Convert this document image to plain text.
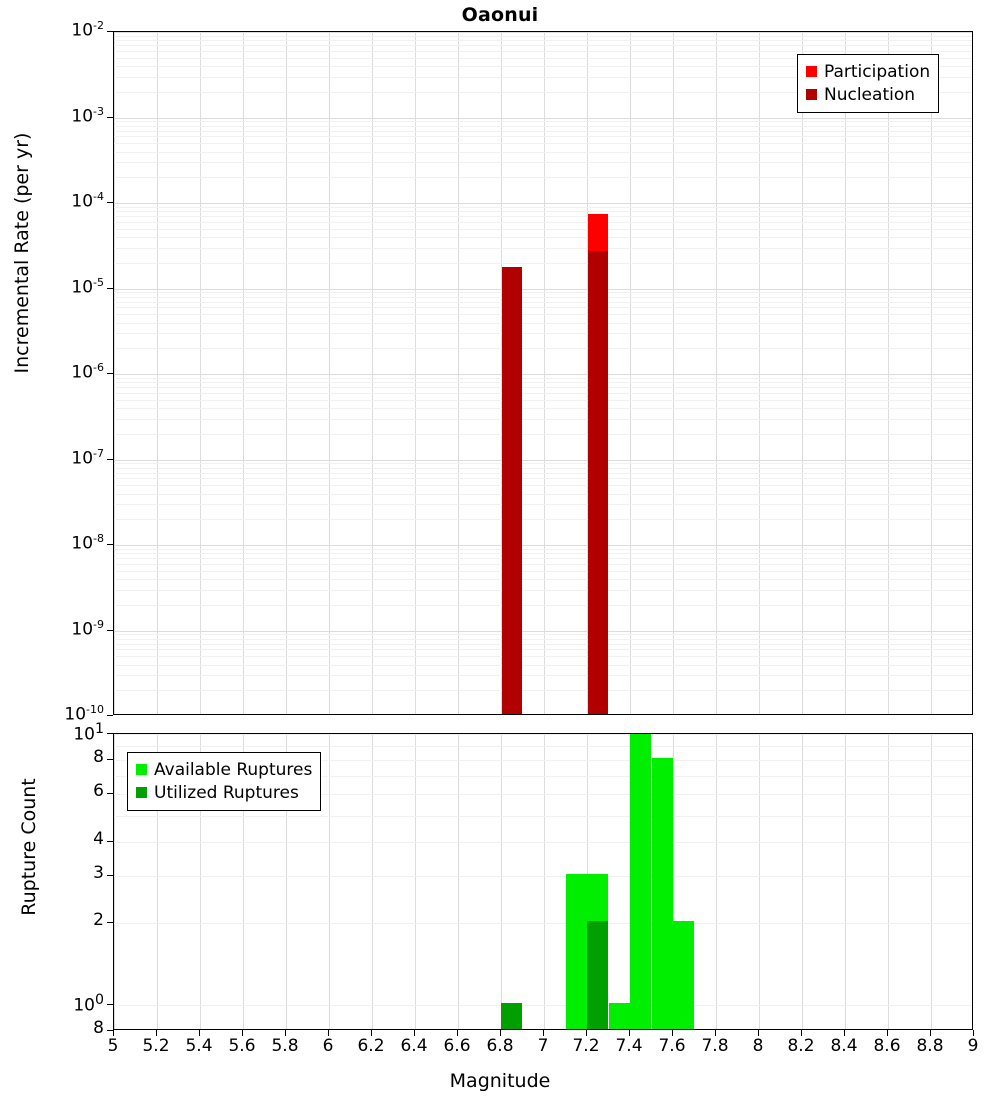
Oaonui
Incremental Rate (per yr)
Rupture Count
Magnitude
$10^{-2}$
$10^{-3}$
$10^{-4}$
$10^{-5}$
$10^{-6}$
$10^{-7}$
$10^{-8}$
$10^{-9}$
$10^{-10}$
$10^1$
8
6
4
3
2
$10^0$
8
5	5.2 5.4 5.6 5.8	6	6.2 6.4 6.6 6.8	7	7.2 7.4 7.6 7.8	8	8.2 8.4 8.6 8.8	9
Participation
Nucleation
Available Ruptures
Utilized Ruptures
